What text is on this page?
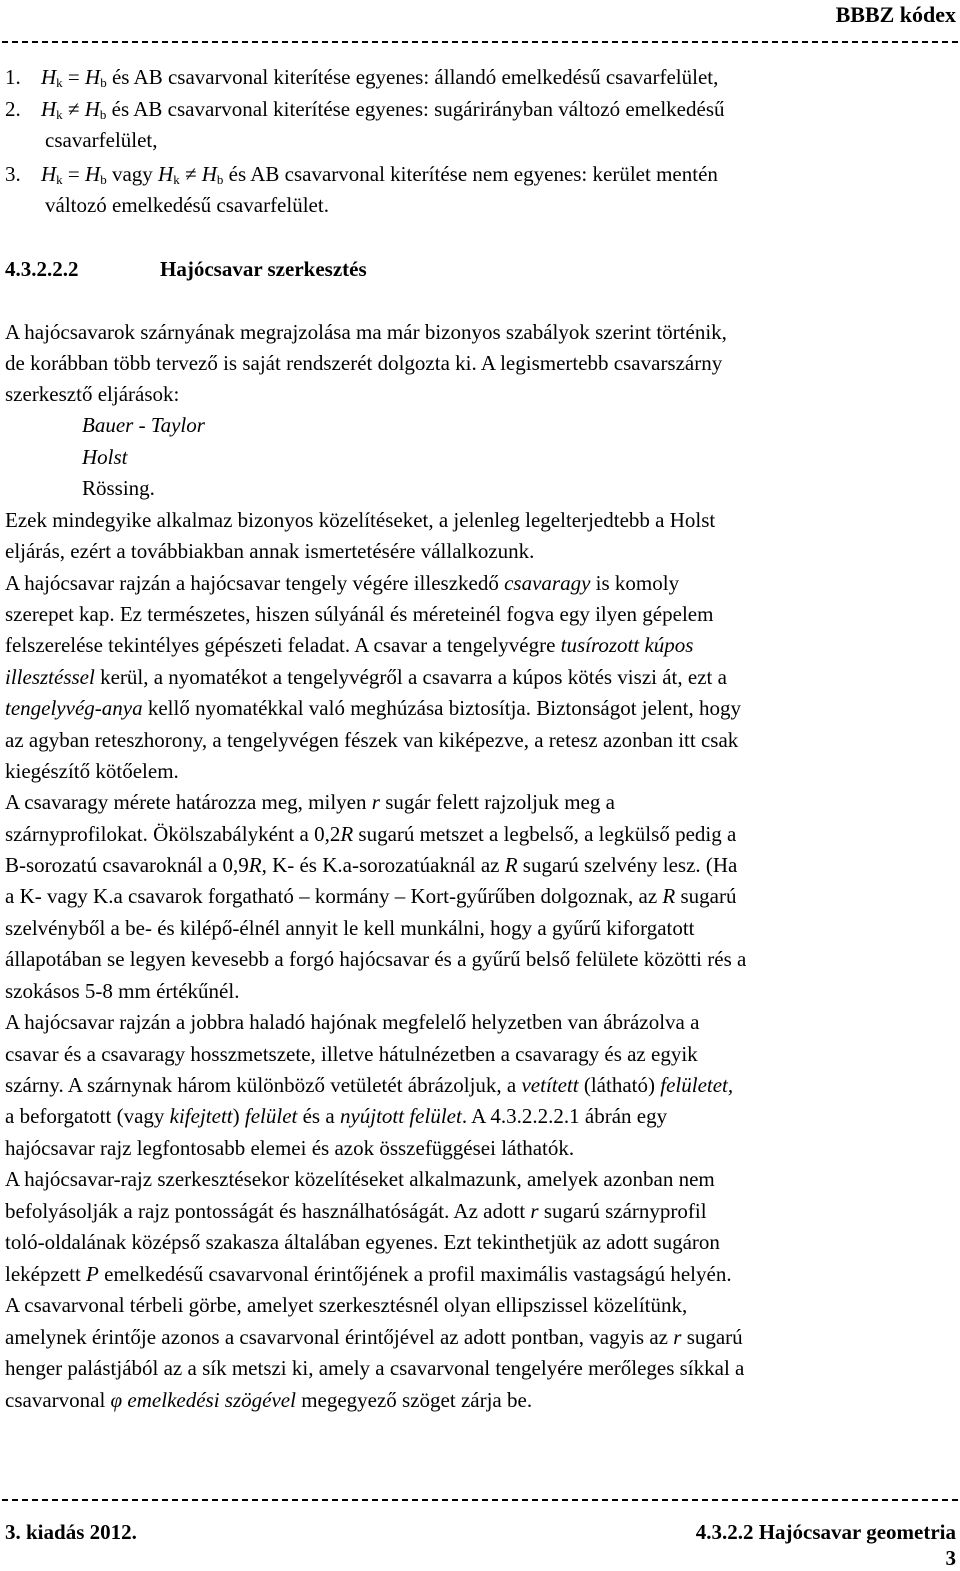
BBBZ kódex
1. $H_k = H_b$ és AB csavarvonal kiterítése egyenes: állandó emelkedésű csavarfelület,
2. $H_k \ne H_b$ és AB csavarvonal kiterítése egyenes: sugárirányban változó emelkedésű
csavarfelület,
3. $H_k = H_b$ vagy $H_k \ne H_b$ és AB csavarvonal kiterítése nem egyenes: kerület mentén
változó emelkedésű csavarfelület.
4.3.2.2.2	Hajócsavar szerkesztés
A hajócsavarok szárnyának megrajzolása ma már bizonyos szabályok szerint történik,
de korábban több tervező is saját rendszerét dolgozta ki. A legismertebb csavarszárny
szerkesztő eljárások:
Bauer - Taylor
Holst
Rössing.
Ezek mindegyike alkalmaz bizonyos közelítéseket, a jelenleg legelterjedtebb a Holst
eljárás, ezért a továbbiakban annak ismertetésére vállalkozunk.
A hajócsavar rajzán a hajócsavar tengely végére illeszkedő csavaragy is komoly
szerepet kap. Ez természetes, hiszen súlyánál és méreteinél fogva egy ilyen gépelem
felszerelése tekintélyes gépészeti feladat. A csavar a tengelyvégre tusírozott kúpos
illesztéssel kerül, a nyomatékot a tengelyvégről a csavarra a kúpos kötés viszi át, ezt a
tengelyvég-anya kellő nyomatékkal való meghúzása biztosítja. Biztonságot jelent, hogy
az agyban reteszhorony, a tengelyvégen fészek van kiképezve, a retesz azonban itt csak
kiegészítő kötőelem.
A csavaragy mérete határozza meg, milyen r sugár felett rajzoljuk meg a
szárnyprofilokat. Ökölszabályként a 0,2R sugarú metszet a legbelső, a legkülső pedig a
B-sorozatú csavaroknál a 0,9R, K- és K.a-sorozatúaknál az R sugarú szelvény lesz. (Ha
a K- vagy K.a csavarok forgatható – kormány – Kort-gyűrűben dolgoznak, az R sugarú
szelvényből a be- és kilépő-élnél annyit le kell munkálni, hogy a gyűrű kiforgatott
állapotában se legyen kevesebb a forgó hajócsavar és a gyűrű belső felülete közötti rés a
szokásos 5-8 mm értékűnél.
A hajócsavar rajzán a jobbra haladó hajónak megfelelő helyzetben van ábrázolva a
csavar és a csavaragy hosszmetszete, illetve hátulnézetben a csavaragy és az egyik
szárny. A szárnynak három különböző vetületét ábrázoljuk, a vetített (látható) felületet,
a beforgatott (vagy kifejtett) felület és a nyújtott felület. A 4.3.2.2.2.1 ábrán egy
hajócsavar rajz legfontosabb elemei és azok összefüggései láthatók.
A hajócsavar-rajz szerkesztésekor közelítéseket alkalmazunk, amelyek azonban nem
befolyásolják a rajz pontosságát és használhatóságát. Az adott r sugarú szárnyprofil
toló-oldalának középső szakasza általában egyenes. Ezt tekinthetjük az adott sugáron
leképzett P emelkedésű csavarvonal érintőjének a profil maximális vastagságú helyén.
A csavarvonal térbeli görbe, amelyet szerkesztésnél olyan ellipszissel közelítünk,
amelynek érintője azonos a csavarvonal érintőjével az adott pontban, vagyis az r sugarú
henger palástjából az a sík metszi ki, amely a csavarvonal tengelyére merőleges síkkal a
csavarvonal φ emelkedési szögével megegyező szöget zárja be.
3. kiadás 2012.	4.3.2.2 Hajócsavar geometria
3
